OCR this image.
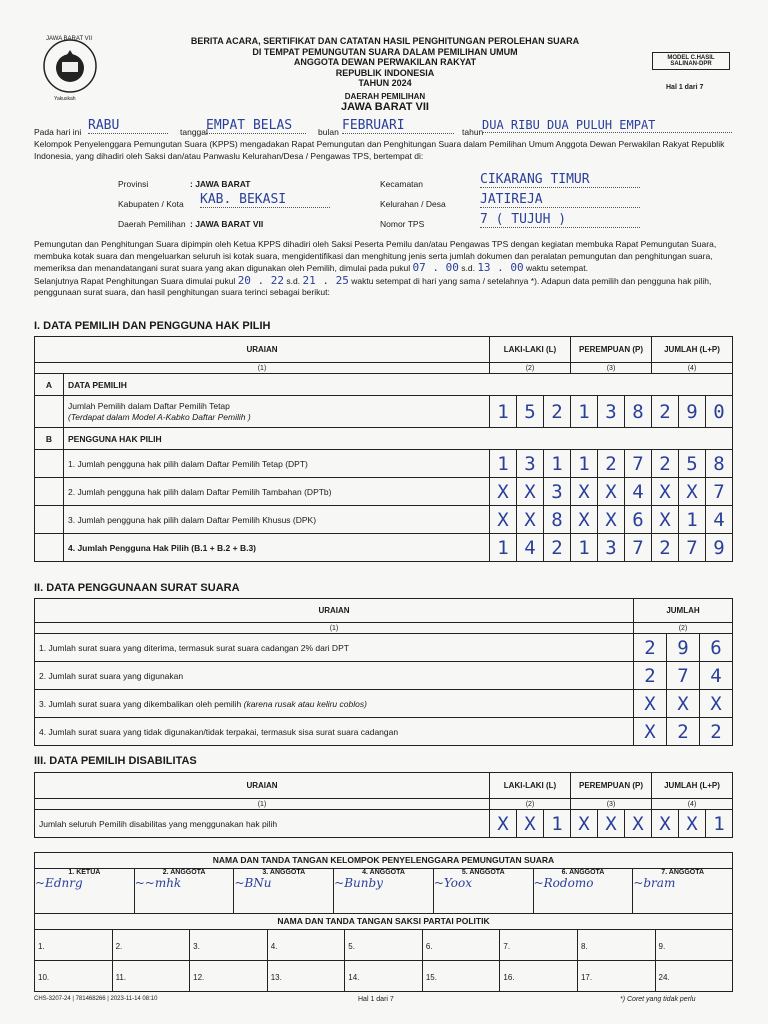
JAWA BARAT VII
Yakuskah
BERITA ACARA, SERTIFIKAT DAN CATATAN HASIL PENGHITUNGAN PEROLEHAN SUARA
DI TEMPAT PEMUNGUTAN SUARA DALAM PEMILIHAN UMUM
ANGGOTA DEWAN PERWAKILAN RAKYAT
REPUBLIK INDONESIA
TAHUN 2024
DAERAH PEMILIHAN
JAWA BARAT VII
MODEL C.HASIL SALINAN-DPR
Hal 1 dari 7
Pada hari ini RABU	tanggal
EMPAT BELAS	bulan FEBRUARI	tahun
DUA RIBU DUA PULUH EMPAT
Kelompok Penyelenggara Pemungutan Suara (KPPS) mengadakan Rapat Pemungutan dan Penghitungan Suara dalam Pemilihan Umum Anggota Dewan Perwakilan Rakyat Republik Indonesia, yang dihadiri oleh Saksi dan/atau Panwaslu Kelurahan/Desa / Pengawas TPS, bertempat di:
Provinsi	: JAWA BARAT
Kabupaten / Kota KAB. BEKASI
Daerah Pemilihan : JAWA BARAT VII
Kecamatan	CIKARANG TIMUR
Kelurahan / Desa	JATIREJA
Nomor TPS	7 ( TUJUH )
Pemungutan dan Penghitungan Suara dipimpin oleh Ketua KPPS dihadiri oleh Saksi Peserta Pemilu dan/atau Pengawas TPS dengan kegiatan membuka Rapat Pemungutan Suara, membuka kotak suara dan mengeluarkan seluruh isi kotak suara, mengidentifikasi dan menghitung jenis serta jumlah dokumen dan peralatan pemungutan dan penghitungan suara, memeriksa dan menandatangani surat suara yang akan digunakan oleh Pemilih, dimulai pada pukul 07 . 00 s.d. 13 . 00 waktu setempat.
Selanjutnya Rapat Penghitungan Suara dimulai pukul 20 . 22 s.d. 21 . 25 waktu setempat di hari yang sama / setelahnya *). Adapun data pemilih dan pengguna hak pilih, penggunaan surat suara, dan hasil penghitungan suara terinci sebagai berikut:
I. DATA PEMILIH DAN PENGGUNA HAK PILIH
URAIAN		LAKI-LAKI (L)			PEREMPUAN (P)			JUMLAH (L+P)		
(1)		(2)			(3)			(4)		
A	DATA PEMILIH									
	Jumlah Pemilih dalam Daftar Pemilih Tetap
(Terdapat dalam Model A-Kabko Daftar Pemilih )	1	5	2	1	3	8	2	9	0
B	PENGGUNA HAK PILIH									
	1. Jumlah pengguna hak pilih dalam Daftar Pemilih Tetap (DPT)	1	3	1	1	2	7	2	5	8
	2. Jumlah pengguna hak pilih dalam Daftar Pemilih Tambahan (DPTb)	X	X	3	X	X	4	X	X	7
	3. Jumlah pengguna hak pilih dalam Daftar Pemilih Khusus (DPK)	X	X	8	X	X	6	X	1	4
	4. Jumlah Pengguna Hak Pilih (B.1 + B.2 + B.3)	1	4	2	1	3	7	2	7	9
II. DATA PENGGUNAAN SURAT SUARA
URAIAN	JUMLAH		
(1)	(2)		
1. Jumlah surat suara yang diterima, termasuk surat suara cadangan 2% dari DPT	2	9	6
2. Jumlah surat suara yang digunakan	2	7	4
3. Jumlah surat suara yang dikembalikan oleh pemilih (karena rusak atau keliru coblos)	X	X	X
4. Jumlah surat suara yang tidak digunakan/tidak terpakai, termasuk sisa surat suara cadangan	X	2	2
III. DATA PEMILIH DISABILITAS
URAIAN	LAKI-LAKI (L)			PEREMPUAN (P)			JUMLAH (L+P)		
(1)	(2)			(3)			(4)		
Jumlah seluruh Pemilih disabilitas yang menggunakan hak pilih	X	X	1	X	X	X	X	X	1
NAMA DAN TANDA TANGAN KELOMPOK PENYELENGGARA PEMUNGUTAN SUARA
1. KETUA
~Ednrg
2. ANGGOTA
~~mhk
3. ANGGOTA
~BNu
4. ANGGOTA
~Bunby
5. ANGGOTA
~Yoox
6. ANGGOTA
~Rodomo
7. ANGGOTA
~bram
NAMA DAN TANDA TANGAN SAKSI PARTAI POLITIK
1.	2.	3.	4.	5.	6.	7.	8.	9.
10.	11.	12.	13.	14.	15.	16.	17.	24.
CHS-3207-24 | 781468266 | 2023-11-14 08:10	Hal 1 dari 7	*) Coret yang tidak perlu
